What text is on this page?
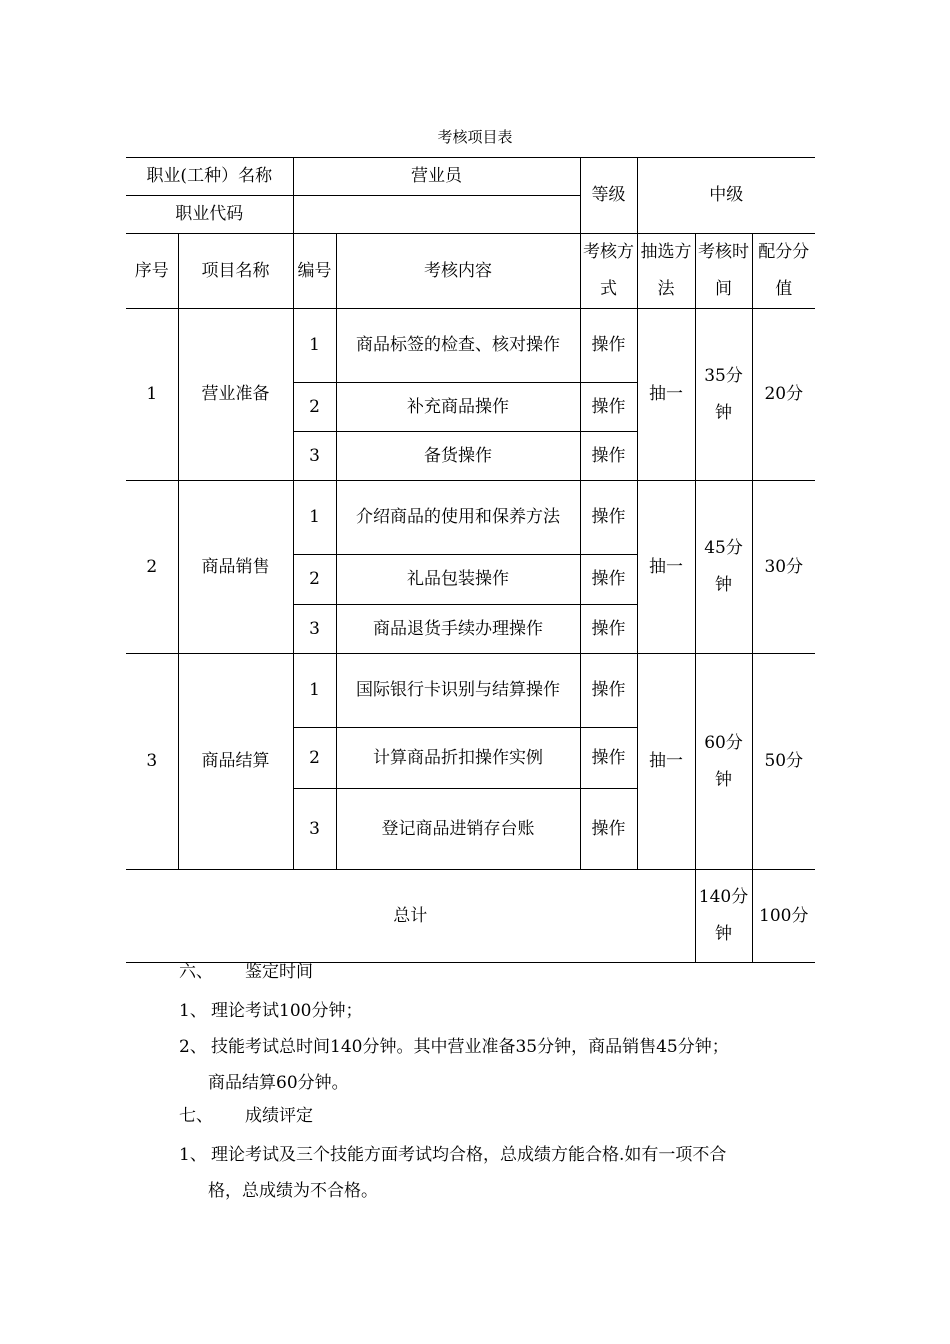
考核项目表
职业(工种）名称		营业员		等级	中级		
职业代码							
序号	项目名称	编号	考核内容	考核方式	抽选方法	考核时间	配分分值
1	营业准备	1	商品标签的检查、核对操作	操作	抽一	35分钟	20分
		2	补充商品操作	操作			
		3	备货操作	操作			
2	商品销售	1	介绍商品的使用和保养方法	操作	抽一	45分钟	30分
		2	礼品包装操作	操作			
		3	商品退货手续办理操作	操作			
3	商品结算	1	国际银行卡识别与结算操作	操作	抽一	60分钟	50分
		2	计算商品折扣操作实例	操作			
		3	登记商品进销存台账	操作			
总计						140分钟	100分
六、 鉴定时间
1、 理论考试100分钟；
2、 技能考试总时间140分钟。其中营业准备35分钟，商品销售45分钟；
商品结算60分钟。
七、 成绩评定
1、 理论考试及三个技能方面考试均合格，总成绩方能合格.如有一项不合
格，总成绩为不合格。
